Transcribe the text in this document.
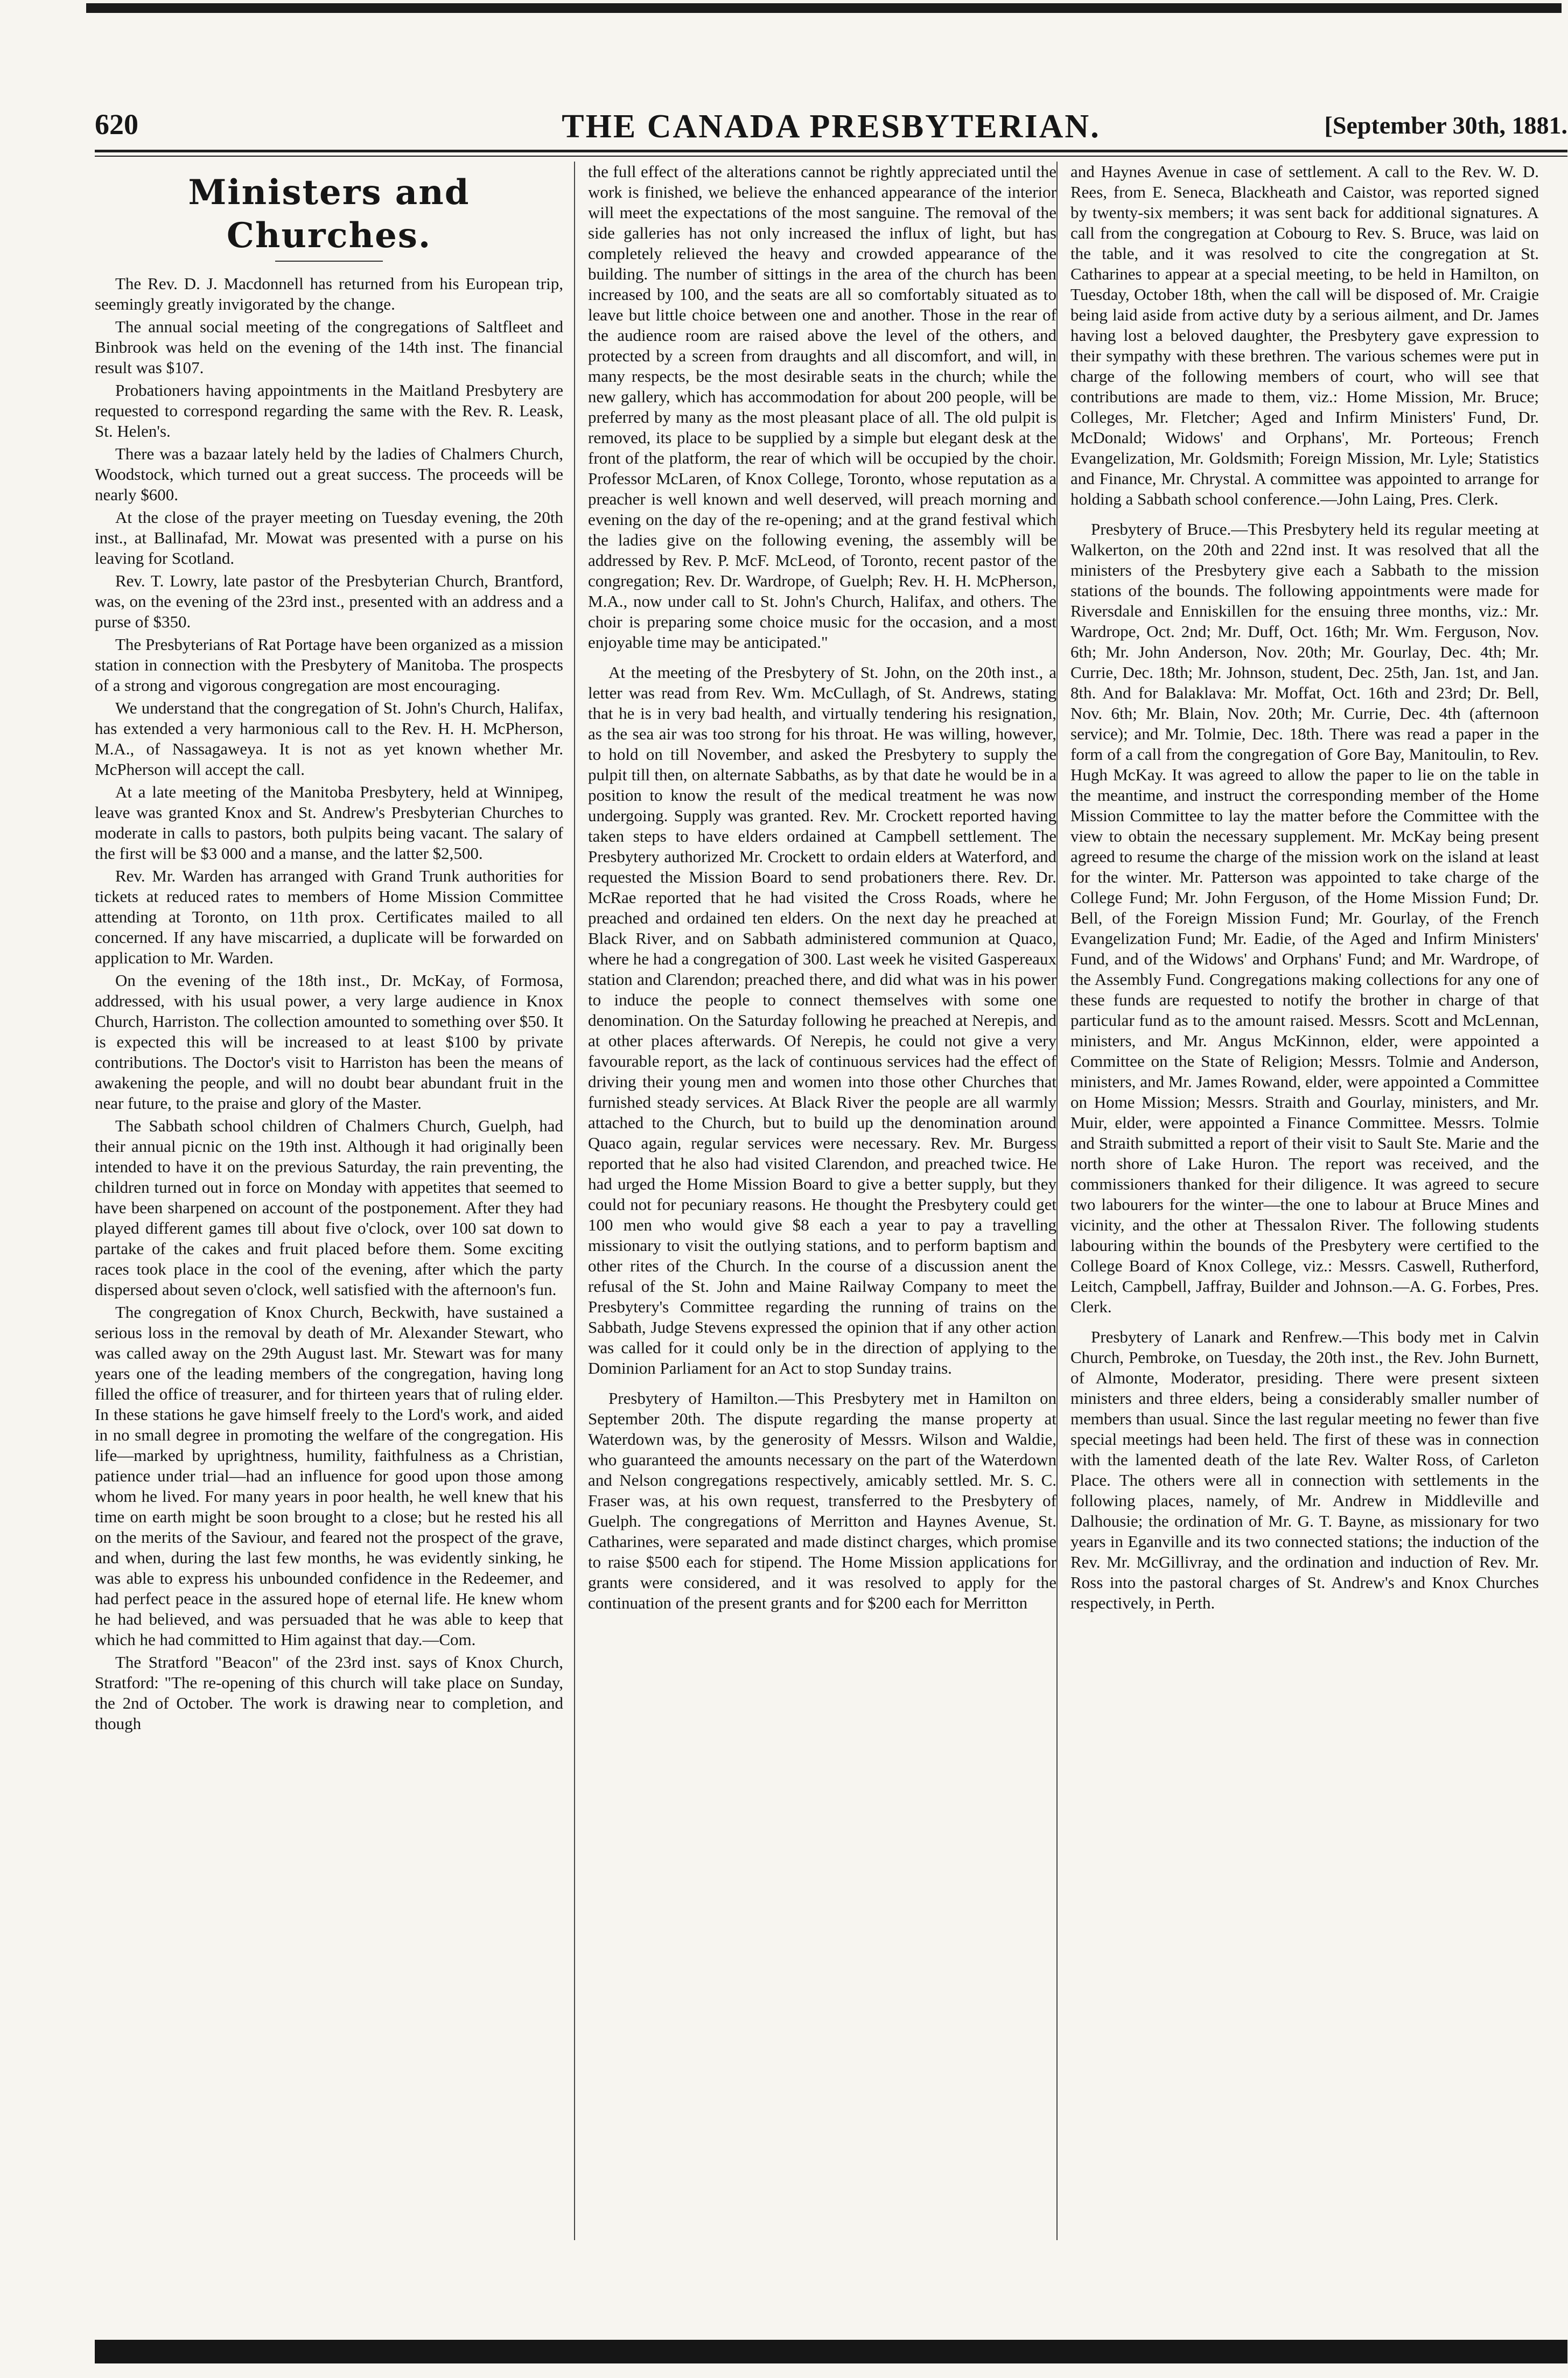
620	THE CANADA PRESBYTERIAN.	[September 30th, 1881.
Ministers and Churches.

The Rev. D. J. Macdonnell has returned from his European trip, seemingly greatly invigorated by the change.

The annual social meeting of the congregations of Saltfleet and Binbrook was held on the evening of the 14th inst. The financial result was $107.

Probationers having appointments in the Maitland Presbytery are requested to correspond regarding the same with the Rev. R. Leask, St. Helen's.

There was a bazaar lately held by the ladies of Chalmers Church, Woodstock, which turned out a great success. The proceeds will be nearly $600.

At the close of the prayer meeting on Tuesday evening, the 20th inst., at Ballinafad, Mr. Mowat was presented with a purse on his leaving for Scotland.

Rev. T. Lowry, late pastor of the Presbyterian Church, Brantford, was, on the evening of the 23rd inst., presented with an address and a purse of $350.

The Presbyterians of Rat Portage have been organized as a mission station in connection with the Presbytery of Manitoba. The prospects of a strong and vigorous congregation are most encouraging.

We understand that the congregation of St. John's Church, Halifax, has extended a very harmonious call to the Rev. H. H. McPherson, M.A., of Nassagaweya. It is not as yet known whether Mr. McPherson will accept the call.

At a late meeting of the Manitoba Presbytery, held at Winnipeg, leave was granted Knox and St. Andrew's Presbyterian Churches to moderate in calls to pastors, both pulpits being vacant. The salary of the first will be $3 000 and a manse, and the latter $2,500.

Rev. Mr. Warden has arranged with Grand Trunk authorities for tickets at reduced rates to members of Home Mission Committee attending at Toronto, on 11th prox. Certificates mailed to all concerned. If any have miscarried, a duplicate will be forwarded on application to Mr. Warden.

On the evening of the 18th inst., Dr. McKay, of Formosa, addressed, with his usual power, a very large audience in Knox Church, Harriston. The collection amounted to something over $50. It is expected this will be increased to at least $100 by private contributions. The Doctor's visit to Harriston has been the means of awakening the people, and will no doubt bear abundant fruit in the near future, to the praise and glory of the Master.

The Sabbath school children of Chalmers Church, Guelph, had their annual picnic on the 19th inst. Although it had originally been intended to have it on the previous Saturday, the rain preventing, the children turned out in force on Monday with appetites that seemed to have been sharpened on account of the postponement. After they had played different games till about five o'clock, over 100 sat down to partake of the cakes and fruit placed before them. Some exciting races took place in the cool of the evening, after which the party dispersed about seven o'clock, well satisfied with the afternoon's fun.

The congregation of Knox Church, Beckwith, have sustained a serious loss in the removal by death of Mr. Alexander Stewart, who was called away on the 29th August last. Mr. Stewart was for many years one of the leading members of the congregation, having long filled the office of treasurer, and for thirteen years that of ruling elder. In these stations he gave himself freely to the Lord's work, and aided in no small degree in promoting the welfare of the congregation. His life—marked by uprightness, humility, faithfulness as a Christian, patience under trial—had an influence for good upon those among whom he lived. For many years in poor health, he well knew that his time on earth might be soon brought to a close; but he rested his all on the merits of the Saviour, and feared not the prospect of the grave, and when, during the last few months, he was evidently sinking, he was able to express his unbounded confidence in the Redeemer, and had perfect peace in the assured hope of eternal life. He knew whom he had believed, and was persuaded that he was able to keep that which he had committed to Him against that day.—Com.

The Stratford "Beacon" of the 23rd inst. says of Knox Church, Stratford: "The re-opening of this church will take place on Sunday, the 2nd of October. The work is drawing near to completion, and though

the full effect of the alterations cannot be rightly appreciated until the work is finished, we believe the enhanced appearance of the interior will meet the expectations of the most sanguine. The removal of the side galleries has not only increased the influx of light, but has completely relieved the heavy and crowded appearance of the building. The number of sittings in the area of the church has been increased by 100, and the seats are all so comfortably situated as to leave but little choice between one and another. Those in the rear of the audience room are raised above the level of the others, and protected by a screen from draughts and all discomfort, and will, in many respects, be the most desirable seats in the church; while the new gallery, which has accommodation for about 200 people, will be preferred by many as the most pleasant place of all. The old pulpit is removed, its place to be supplied by a simple but elegant desk at the front of the platform, the rear of which will be occupied by the choir. Professor McLaren, of Knox College, Toronto, whose reputation as a preacher is well known and well deserved, will preach morning and evening on the day of the re-opening; and at the grand festival which the ladies give on the following evening, the assembly will be addressed by Rev. P. McF. McLeod, of Toronto, recent pastor of the congregation; Rev. Dr. Wardrope, of Guelph; Rev. H. H. McPherson, M.A., now under call to St. John's Church, Halifax, and others. The choir is preparing some choice music for the occasion, and a most enjoyable time may be anticipated."

At the meeting of the Presbytery of St. John, on the 20th inst., a letter was read from Rev. Wm. McCullagh, of St. Andrews, stating that he is in very bad health, and virtually tendering his resignation, as the sea air was too strong for his throat. He was willing, however, to hold on till November, and asked the Presbytery to supply the pulpit till then, on alternate Sabbaths, as by that date he would be in a position to know the result of the medical treatment he was now undergoing. Supply was granted. Rev. Mr. Crockett reported having taken steps to have elders ordained at Campbell settlement. The Presbytery authorized Mr. Crockett to ordain elders at Waterford, and requested the Mission Board to send probationers there. Rev. Dr. McRae reported that he had visited the Cross Roads, where he preached and ordained ten elders. On the next day he preached at Black River, and on Sabbath administered communion at Quaco, where he had a congregation of 300. Last week he visited Gaspereaux station and Clarendon; preached there, and did what was in his power to induce the people to connect themselves with some one denomination. On the Saturday following he preached at Nerepis, and at other places afterwards. Of Nerepis, he could not give a very favourable report, as the lack of continuous services had the effect of driving their young men and women into those other Churches that furnished steady services. At Black River the people are all warmly attached to the Church, but to build up the denomination around Quaco again, regular services were necessary. Rev. Mr. Burgess reported that he also had visited Clarendon, and preached twice. He had urged the Home Mission Board to give a better supply, but they could not for pecuniary reasons. He thought the Presbytery could get 100 men who would give $8 each a year to pay a travelling missionary to visit the outlying stations, and to perform baptism and other rites of the Church. In the course of a discussion anent the refusal of the St. John and Maine Railway Company to meet the Presbytery's Committee regarding the running of trains on the Sabbath, Judge Stevens expressed the opinion that if any other action was called for it could only be in the direction of applying to the Dominion Parliament for an Act to stop Sunday trains.

Presbytery of Hamilton.—This Presbytery met in Hamilton on September 20th. The dispute regarding the manse property at Waterdown was, by the generosity of Messrs. Wilson and Waldie, who guaranteed the amounts necessary on the part of the Waterdown and Nelson congregations respectively, amicably settled. Mr. S. C. Fraser was, at his own request, transferred to the Presbytery of Guelph. The congregations of Merritton and Haynes Avenue, St. Catharines, were separated and made distinct charges, which promise to raise $500 each for stipend. The Home Mission applications for grants were considered, and it was resolved to apply for the continuation of the present grants and for $200 each for Merritton

and Haynes Avenue in case of settlement. A call to the Rev. W. D. Rees, from E. Seneca, Blackheath and Caistor, was reported signed by twenty-six members; it was sent back for additional signatures. A call from the congregation at Cobourg to Rev. S. Bruce, was laid on the table, and it was resolved to cite the congregation at St. Catharines to appear at a special meeting, to be held in Hamilton, on Tuesday, October 18th, when the call will be disposed of. Mr. Craigie being laid aside from active duty by a serious ailment, and Dr. James having lost a beloved daughter, the Presbytery gave expression to their sympathy with these brethren. The various schemes were put in charge of the following members of court, who will see that contributions are made to them, viz.: Home Mission, Mr. Bruce; Colleges, Mr. Fletcher; Aged and Infirm Ministers' Fund, Dr. McDonald; Widows' and Orphans', Mr. Porteous; French Evangelization, Mr. Goldsmith; Foreign Mission, Mr. Lyle; Statistics and Finance, Mr. Chrystal. A committee was appointed to arrange for holding a Sabbath school conference.—John Laing, Pres. Clerk.

Presbytery of Bruce.—This Presbytery held its regular meeting at Walkerton, on the 20th and 22nd inst. It was resolved that all the ministers of the Presbytery give each a Sabbath to the mission stations of the bounds. The following appointments were made for Riversdale and Enniskillen for the ensuing three months, viz.: Mr. Wardrope, Oct. 2nd; Mr. Duff, Oct. 16th; Mr. Wm. Ferguson, Nov. 6th; Mr. John Anderson, Nov. 20th; Mr. Gourlay, Dec. 4th; Mr. Currie, Dec. 18th; Mr. Johnson, student, Dec. 25th, Jan. 1st, and Jan. 8th. And for Balaklava: Mr. Moffat, Oct. 16th and 23rd; Dr. Bell, Nov. 6th; Mr. Blain, Nov. 20th; Mr. Currie, Dec. 4th (afternoon service); and Mr. Tolmie, Dec. 18th. There was read a paper in the form of a call from the congregation of Gore Bay, Manitoulin, to Rev. Hugh McKay. It was agreed to allow the paper to lie on the table in the meantime, and instruct the corresponding member of the Home Mission Committee to lay the matter before the Committee with the view to obtain the necessary supplement. Mr. McKay being present agreed to resume the charge of the mission work on the island at least for the winter. Mr. Patterson was appointed to take charge of the College Fund; Mr. John Ferguson, of the Home Mission Fund; Dr. Bell, of the Foreign Mission Fund; Mr. Gourlay, of the French Evangelization Fund; Mr. Eadie, of the Aged and Infirm Ministers' Fund, and of the Widows' and Orphans' Fund; and Mr. Wardrope, of the Assembly Fund. Congregations making collections for any one of these funds are requested to notify the brother in charge of that particular fund as to the amount raised. Messrs. Scott and McLennan, ministers, and Mr. Angus McKinnon, elder, were appointed a Committee on the State of Religion; Messrs. Tolmie and Anderson, ministers, and Mr. James Rowand, elder, were appointed a Committee on Home Mission; Messrs. Straith and Gourlay, ministers, and Mr. Muir, elder, were appointed a Finance Committee. Messrs. Tolmie and Straith submitted a report of their visit to Sault Ste. Marie and the north shore of Lake Huron. The report was received, and the commissioners thanked for their diligence. It was agreed to secure two labourers for the winter—the one to labour at Bruce Mines and vicinity, and the other at Thessalon River. The following students labouring within the bounds of the Presbytery were certified to the College Board of Knox College, viz.: Messrs. Caswell, Rutherford, Leitch, Campbell, Jaffray, Builder and Johnson.—A. G. Forbes, Pres. Clerk.

Presbytery of Lanark and Renfrew.—This body met in Calvin Church, Pembroke, on Tuesday, the 20th inst., the Rev. John Burnett, of Almonte, Moderator, presiding. There were present sixteen ministers and three elders, being a considerably smaller number of members than usual. Since the last regular meeting no fewer than five special meetings had been held. The first of these was in connection with the lamented death of the late Rev. Walter Ross, of Carleton Place. The others were all in connection with settlements in the following places, namely, of Mr. Andrew in Middleville and Dalhousie; the ordination of Mr. G. T. Bayne, as missionary for two years in Eganville and its two connected stations; the induction of the Rev. Mr. McGillivray, and the ordination and induction of Rev. Mr. Ross into the pastoral charges of St. Andrew's and Knox Churches respectively, in Perth.
